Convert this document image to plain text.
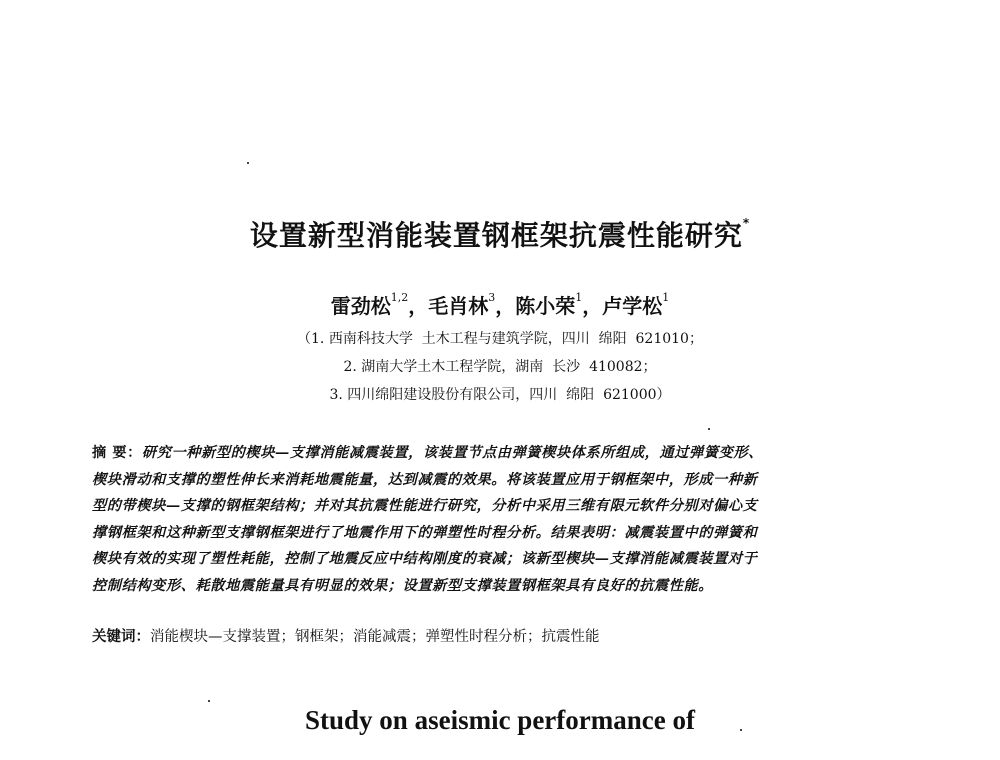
设置新型消能装置钢框架抗震性能研究*
雷劲松$^{1,2}$，毛肖林$^3$，陈小荣$^1$，卢学松$^1$
（1. 西南科技大学  土木工程与建筑学院，四川  绵阳  621010；
2. 湖南大学土木工程学院，湖南  长沙  410082；
3. 四川绵阳建设股份有限公司，四川  绵阳  621000）
摘 要：研究一种新型的楔块—支撑消能减震装置，该装置节点由弹簧楔块体系所组成，通过弹簧变形、
楔块滑动和支撑的塑性伸长来消耗地震能量，达到减震的效果。将该装置应用于钢框架中，形成一种新
型的带楔块—支撑的钢框架结构；并对其抗震性能进行研究，分析中采用三维有限元软件分别对偏心支
撑钢框架和这种新型支撑钢框架进行了地震作用下的弹塑性时程分析。结果表明：减震装置中的弹簧和
楔块有效的实现了塑性耗能，控制了地震反应中结构刚度的衰减；该新型楔块—支撑消能减震装置对于
控制结构变形、耗散地震能量具有明显的效果；设置新型支撑装置钢框架具有良好的抗震性能。
关键词：消能楔块—支撑装置；钢框架；消能减震；弹塑性时程分析；抗震性能
Study on aseismic performance of
